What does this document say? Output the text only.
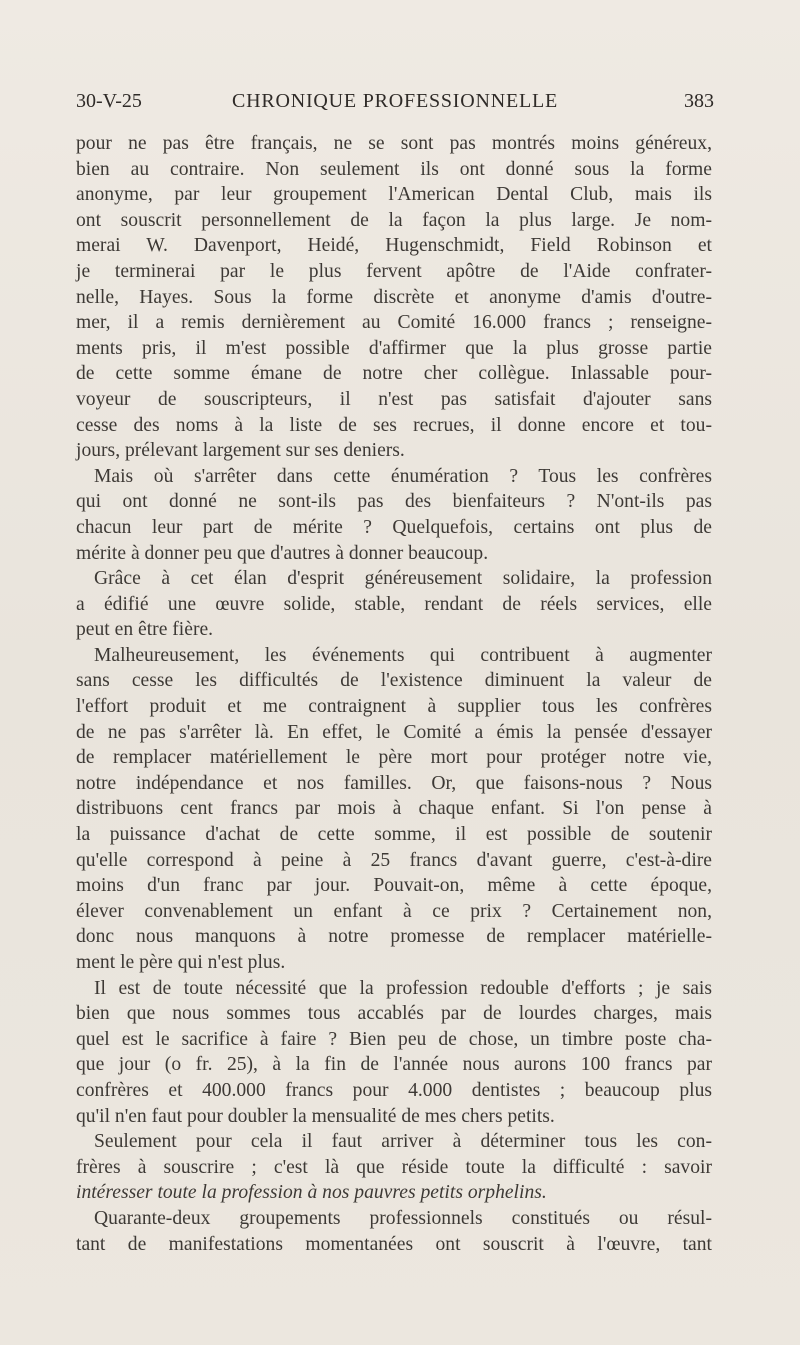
30-V-25	CHRONIQUE PROFESSIONNELLE	383
pour ne pas être français, ne se sont pas montrés moins généreux,
bien au contraire. Non seulement ils ont donné sous la forme
anonyme, par leur groupement l'American Dental Club, mais ils
ont souscrit personnellement de la façon la plus large. Je nom-
merai W. Davenport, Heidé, Hugenschmidt, Field Robinson et
je terminerai par le plus fervent apôtre de l'Aide confrater-
nelle, Hayes. Sous la forme discrète et anonyme d'amis d'outre-
mer, il a remis dernièrement au Comité 16.000 francs ; renseigne-
ments pris, il m'est possible d'affirmer que la plus grosse partie
de cette somme émane de notre cher collègue. Inlassable pour-
voyeur de souscripteurs, il n'est pas satisfait d'ajouter sans
cesse des noms à la liste de ses recrues, il donne encore et tou-
jours, prélevant largement sur ses deniers.
Mais où s'arrêter dans cette énumération ? Tous les confrères
qui ont donné ne sont-ils pas des bienfaiteurs ? N'ont-ils pas
chacun leur part de mérite ? Quelquefois, certains ont plus de
mérite à donner peu que d'autres à donner beaucoup.
Grâce à cet élan d'esprit généreusement solidaire, la profession
a édifié une œuvre solide, stable, rendant de réels services, elle
peut en être fière.
Malheureusement, les événements qui contribuent à augmenter
sans cesse les difficultés de l'existence diminuent la valeur de
l'effort produit et me contraignent à supplier tous les confrères
de ne pas s'arrêter là. En effet, le Comité a émis la pensée d'essayer
de remplacer matériellement le père mort pour protéger notre vie,
notre indépendance et nos familles. Or, que faisons-nous ? Nous
distribuons cent francs par mois à chaque enfant. Si l'on pense à
la puissance d'achat de cette somme, il est possible de soutenir
qu'elle correspond à peine à 25 francs d'avant guerre, c'est-à-dire
moins d'un franc par jour. Pouvait-on, même à cette époque,
élever convenablement un enfant à ce prix ? Certainement non,
donc nous manquons à notre promesse de remplacer matérielle-
ment le père qui n'est plus.
Il est de toute nécessité que la profession redouble d'efforts ; je sais
bien que nous sommes tous accablés par de lourdes charges, mais
quel est le sacrifice à faire ? Bien peu de chose, un timbre poste cha-
que jour (o fr. 25), à la fin de l'année nous aurons 100 francs par
confrères et 400.000 francs pour 4.000 dentistes ; beaucoup plus
qu'il n'en faut pour doubler la mensualité de mes chers petits.
Seulement pour cela il faut arriver à déterminer tous les con-
frères à souscrire ; c'est là que réside toute la difficulté : savoir
intéresser toute la profession à nos pauvres petits orphelins.
Quarante-deux groupements professionnels constitués ou résul-
tant de manifestations momentanées ont souscrit à l'œuvre, tant
